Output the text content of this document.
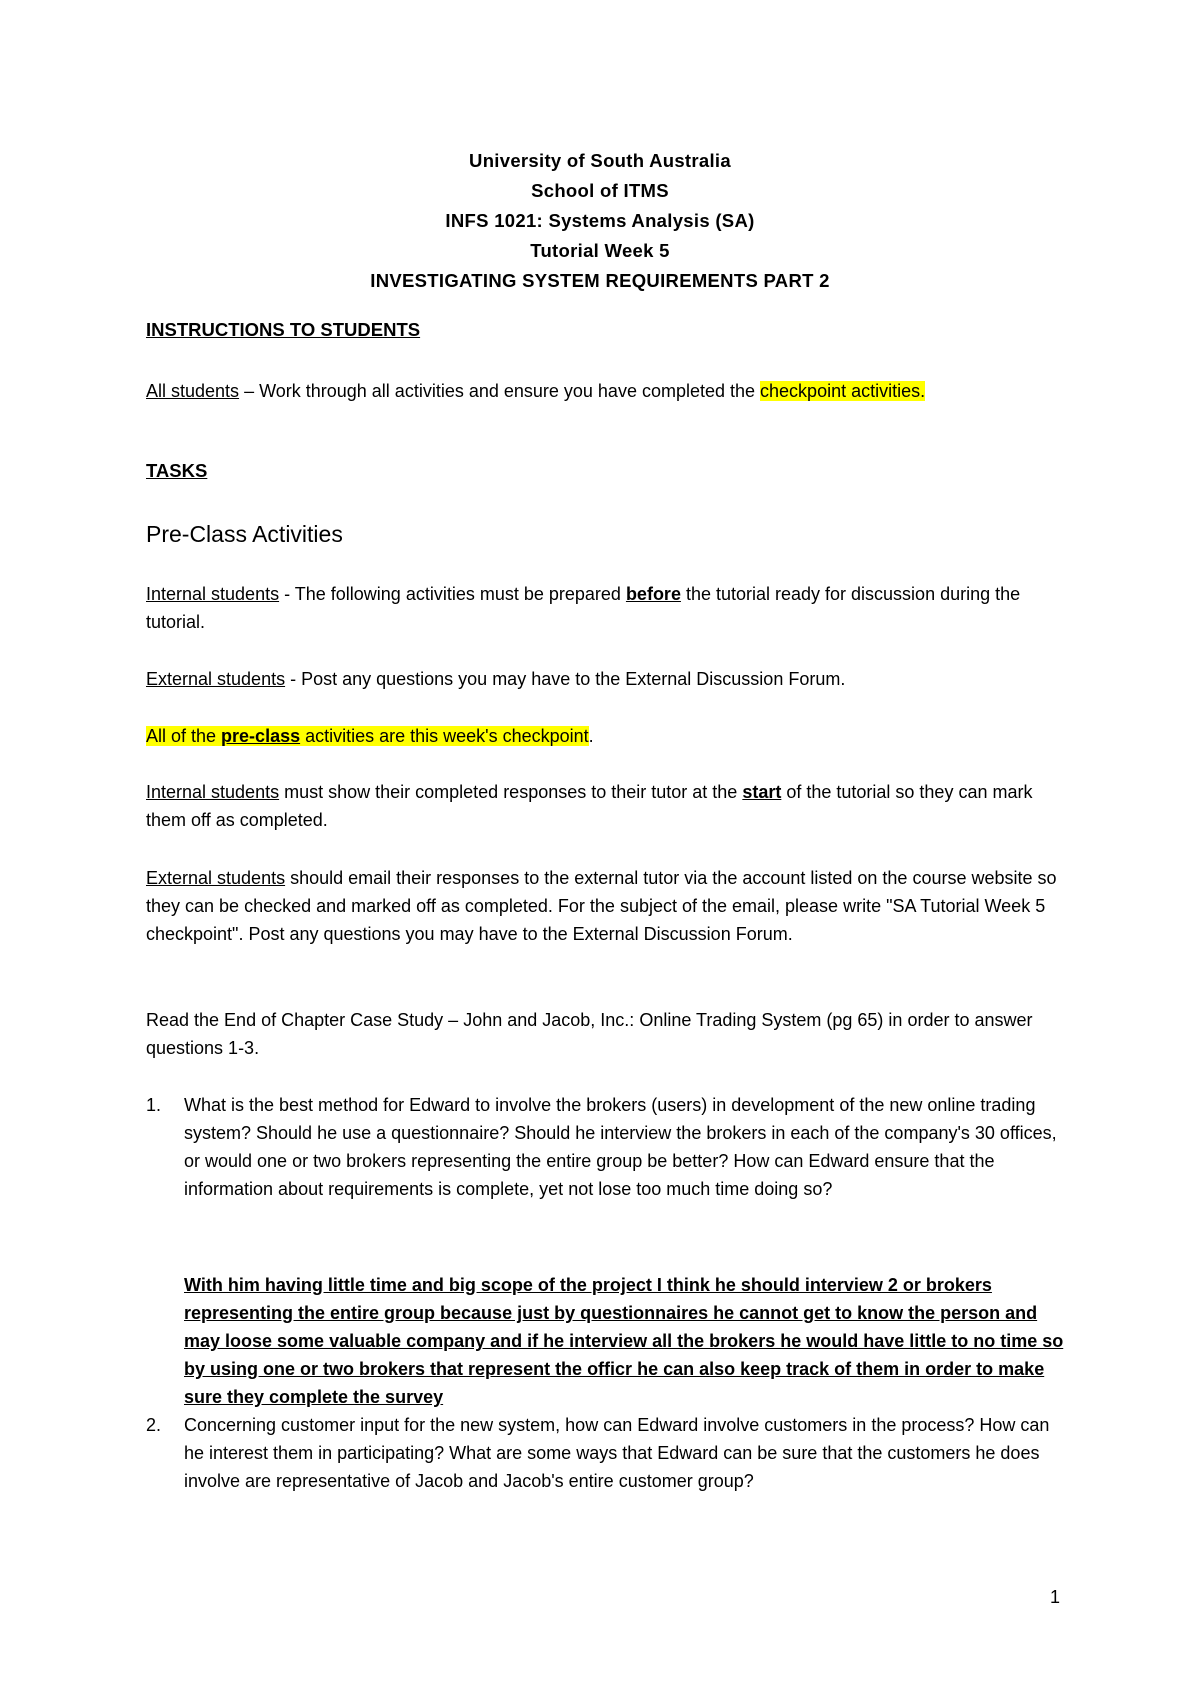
University of South Australia
School of ITMS
INFS 1021: Systems Analysis (SA)
Tutorial Week 5
INVESTIGATING SYSTEM REQUIREMENTS PART 2
INSTRUCTIONS TO STUDENTS
All students – Work through all activities and ensure you have completed the checkpoint activities.
TASKS
Pre-Class Activities
Internal students - The following activities must be prepared before the tutorial ready for discussion during the tutorial.
External students - Post any questions you may have to the External Discussion Forum.
All of the pre-class activities are this week's checkpoint.
Internal students must show their completed responses to their tutor at the start of the tutorial so they can mark them off as completed.
External students should email their responses to the external tutor via the account listed on the course website so they can be checked and marked off as completed. For the subject of the email, please write "SA Tutorial Week 5 checkpoint". Post any questions you may have to the External Discussion Forum.
Read the End of Chapter Case Study – John and Jacob, Inc.: Online Trading System (pg 65) in order to answer questions 1-3.
1. What is the best method for Edward to involve the brokers (users) in development of the new online trading system? Should he use a questionnaire? Should he interview the brokers in each of the company's 30 offices, or would one or two brokers representing the entire group be better? How can Edward ensure that the information about requirements is complete, yet not lose too much time doing so?
With him having little time and big scope of the project I think he should interview 2 or brokers representing the entire group because just by questionnaires he cannot get to know the person and may loose some valuable company and if he interview all the brokers he would have little to no time so by using one or two brokers that represent the officr he can also keep track of them in order to make sure they complete the survey
2. Concerning customer input for the new system, how can Edward involve customers in the process? How can he interest them in participating? What are some ways that Edward can be sure that the customers he does involve are representative of Jacob and Jacob's entire customer group?
1
